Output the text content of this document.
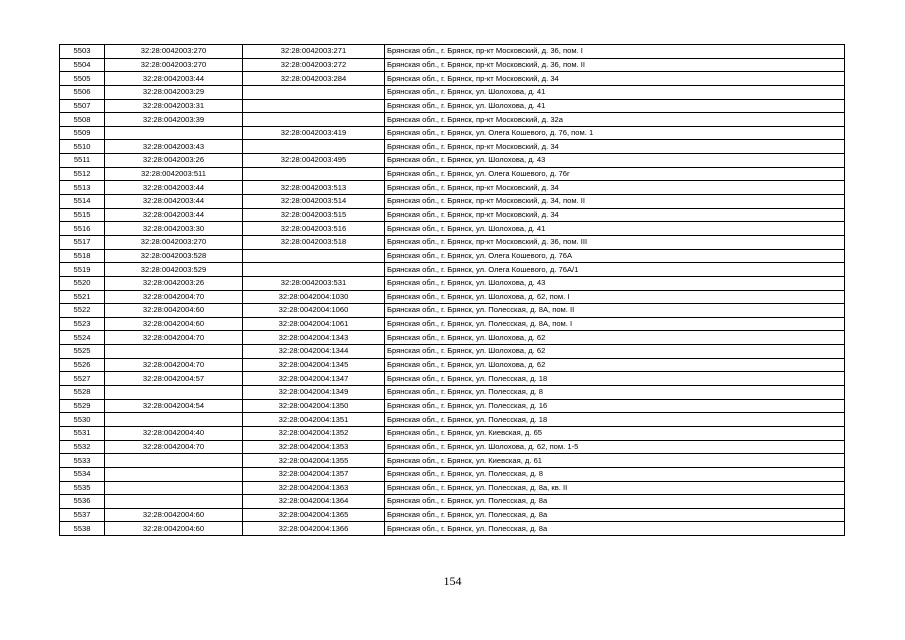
5503	32:28:0042003:270	32:28:0042003:271	Брянская обл., г. Брянск, пр-кт Московский, д. 36, пом. I
5504	32:28:0042003:270	32:28:0042003:272	Брянская обл., г. Брянск, пр-кт Московский, д. 36, пом. II
5505	32:28:0042003:44	32:28:0042003:284	Брянская обл., г. Брянск, пр-кт Московский, д. 34
5506	32:28:0042003:29		Брянская обл., г. Брянск, ул. Шолохова, д. 41
5507	32:28:0042003:31		Брянская обл., г. Брянск, ул. Шолохова, д. 41
5508	32:28:0042003:39		Брянская обл., г. Брянск, пр-кт Московский, д. 32а
5509		32:28:0042003:419	Брянская обл., г. Брянск, ул. Олега Кошевого, д. 76, пом. 1
5510	32:28:0042003:43		Брянская обл., г. Брянск, пр-кт Московский, д. 34
5511	32:28:0042003:26	32:28:0042003:495	Брянская обл., г. Брянск, ул. Шолохова, д. 43
5512	32:28:0042003:511		Брянская обл., г. Брянск, ул. Олега Кошевого, д. 76г
5513	32:28:0042003:44	32:28:0042003:513	Брянская обл., г. Брянск, пр-кт Московский, д. 34
5514	32:28:0042003:44	32:28:0042003:514	Брянская обл., г. Брянск, пр-кт Московский, д. 34, пом. II
5515	32:28:0042003:44	32:28:0042003:515	Брянская обл., г. Брянск, пр-кт Московский, д. 34
5516	32:28:0042003:30	32:28:0042003:516	Брянская обл., г. Брянск, ул. Шолохова, д. 41
5517	32:28:0042003:270	32:28:0042003:518	Брянская обл., г. Брянск, пр-кт Московский, д. 36, пом. III
5518	32:28:0042003:528		Брянская обл., г. Брянск, ул. Олега Кошевого, д. 76А
5519	32:28:0042003:529		Брянская обл., г. Брянск, ул. Олега Кошевого, д. 76А/1
5520	32:28:0042003:26	32:28:0042003:531	Брянская обл., г. Брянск, ул. Шолохова, д. 43
5521	32:28:0042004:70	32:28:0042004:1030	Брянская обл., г. Брянск, ул. Шолохова, д. 62, пом. I
5522	32:28:0042004:60	32:28:0042004:1060	Брянская обл., г. Брянск, ул. Полесская, д. 8А, пом. II
5523	32:28:0042004:60	32:28:0042004:1061	Брянская обл., г. Брянск, ул. Полесская, д. 8А, пом. I
5524	32:28:0042004:70	32:28:0042004:1343	Брянская обл., г. Брянск, ул. Шолохова, д. 62
5525		32:28:0042004:1344	Брянская обл., г. Брянск, ул. Шолохова, д. 62
5526	32:28:0042004:70	32:28:0042004:1345	Брянская обл., г. Брянск, ул. Шолохова, д. 62
5527	32:28:0042004:57	32:28:0042004:1347	Брянская обл., г. Брянск, ул. Полесская, д. 18
5528		32:28:0042004:1349	Брянская обл., г. Брянск, ул. Полесская, д. 8
5529	32:28:0042004:54	32:28:0042004:1350	Брянская обл., г. Брянск, ул. Полесская, д. 16
5530		32:28:0042004:1351	Брянская обл., г. Брянск, ул. Полесская, д. 18
5531	32:28:0042004:40	32:28:0042004:1352	Брянская обл., г. Брянск, ул. Киевская, д. 65
5532	32:28:0042004:70	32:28:0042004:1353	Брянская обл., г. Брянск, ул. Шолохова, д. 62, пом. 1-5
5533		32:28:0042004:1355	Брянская обл., г. Брянск, ул. Киевская, д. 61
5534		32:28:0042004:1357	Брянская обл., г. Брянск, ул. Полесская, д. 8
5535		32:28:0042004:1363	Брянская обл., г. Брянск, ул. Полесская, д. 8а, кв. II
5536		32:28:0042004:1364	Брянская обл., г. Брянск, ул. Полесская, д. 8а
5537	32:28:0042004:60	32:28:0042004:1365	Брянская обл., г. Брянск, ул. Полесская, д. 8а
5538	32:28:0042004:60	32:28:0042004:1366	Брянская обл., г. Брянск, ул. Полесская, д. 8а
154
